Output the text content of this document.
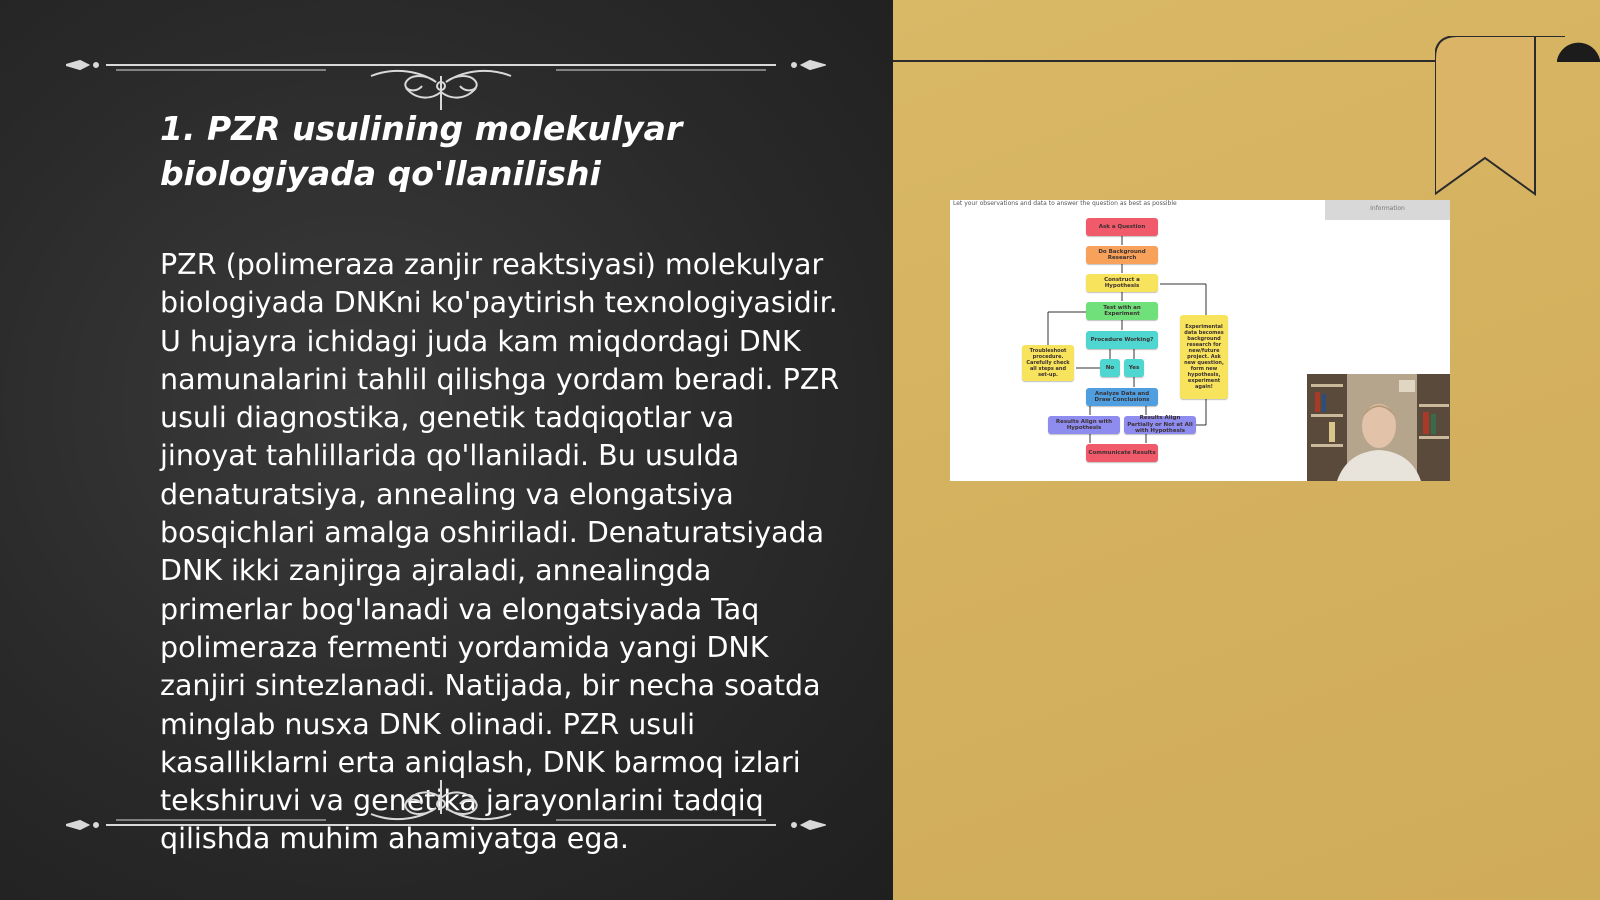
1. PZR usulining molekulyar
biologiyada qo'llanilishi
PZR (polimeraza zanjir reaktsiyasi) molekulyar biologiyada DNKni ko'paytirish texnologiyasidir. U hujayra ichidagi juda kam miqdordagi DNK namunalarini tahlil qilishga yordam beradi. PZR usuli diagnostika, genetik tadqiqotlar va jinoyat tahlillarida qo'llaniladi. Bu usulda denaturatsiya, annealing va elongatsiya bosqichlari amalga oshiriladi. Denaturatsiyada DNK ikki zanjirga ajraladi, annealingda primerlar bog'lanadi va elongatsiyada Taq polimeraza fermenti yordamida yangi DNK zanjiri sintezlanadi. Natijada, bir necha soatda minglab nusxa DNK olinadi. PZR usuli kasalliklarni erta aniqlash, DNK barmoq izlari tekshiruvi va genetika jarayonlarini tadqiq qilishda muhim ahamiyatga ega.
Let your observations and data to answer the question as best as possible
Information
Ask a Question
Do Background Research
Construct a Hypothesis
Test with an Experiment
Procedure Working?
No	Yes
Analyze Data and Draw Conclusions
Results Align with Hypothesis
Results Align Partially or Not at All with Hypothesis
Communicate Results
Troubleshoot procedure. Carefully check all steps and set-up.
Experimental data becomes background research for new/future project. Ask new question, form new hypothesis, experiment again!
